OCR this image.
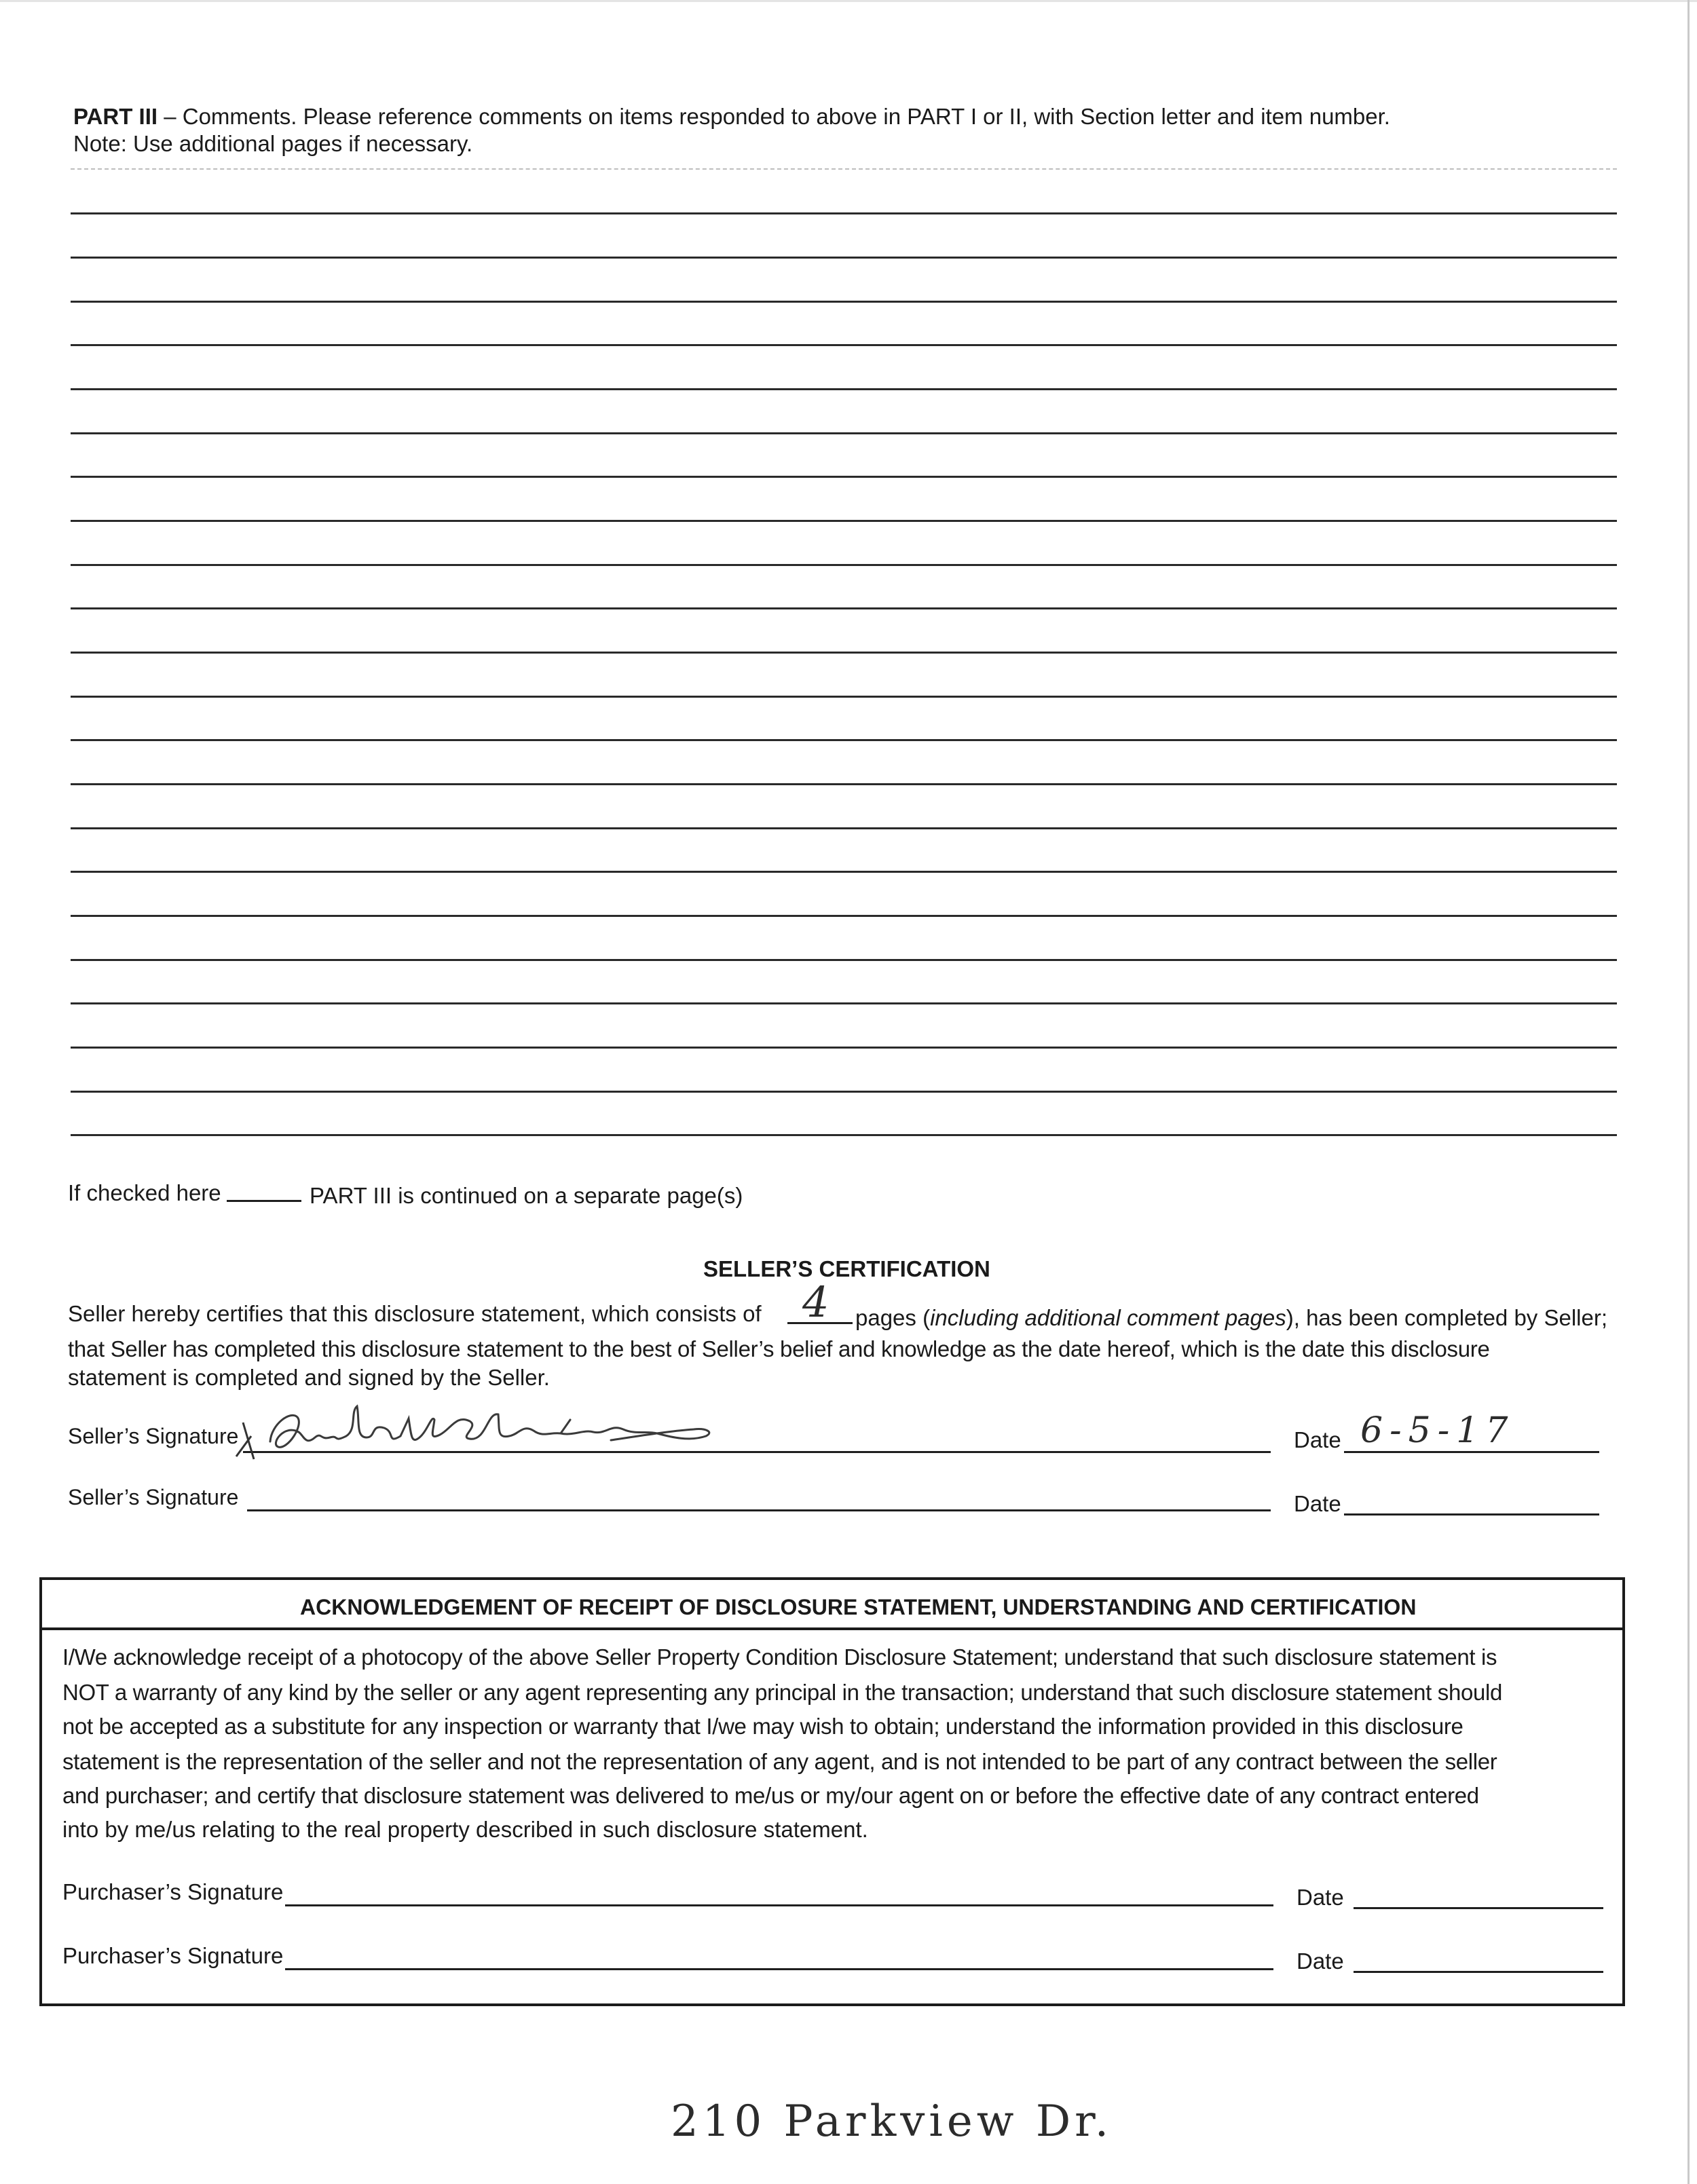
PART III – Comments. Please reference comments on items responded to above in PART I or II, with Section letter and item number.
Note: Use additional pages if necessary.
If checked here	PART III is continued on a separate page(s)
SELLER’S CERTIFICATION
Seller hereby certifies that this disclosure statement, which consists of 4 pages (including additional comment pages), has been completed by Seller;
that Seller has completed this disclosure statement to the best of Seller’s belief and knowledge as the date hereof, which is the date this disclosure
statement is completed and signed by the Seller.
Seller’s Signature	Date 6-5-17
Seller’s Signature	Date
ACKNOWLEDGEMENT OF RECEIPT OF DISCLOSURE STATEMENT, UNDERSTANDING AND CERTIFICATION
I/We acknowledge receipt of a photocopy of the above Seller Property Condition Disclosure Statement; understand that such disclosure statement is
NOT a warranty of any kind by the seller or any agent representing any principal in the transaction; understand that such disclosure statement should
not be accepted as a substitute for any inspection or warranty that I/we may wish to obtain; understand the information provided in this disclosure
statement is the representation of the seller and not the representation of any agent, and is not intended to be part of any contract between the seller
and purchaser; and certify that disclosure statement was delivered to me/us or my/our agent on or before the effective date of any contract entered
into by me/us relating to the real property described in such disclosure statement.
Purchaser’s Signature	Date
Purchaser’s Signature	Date
210 Parkview Dr.
